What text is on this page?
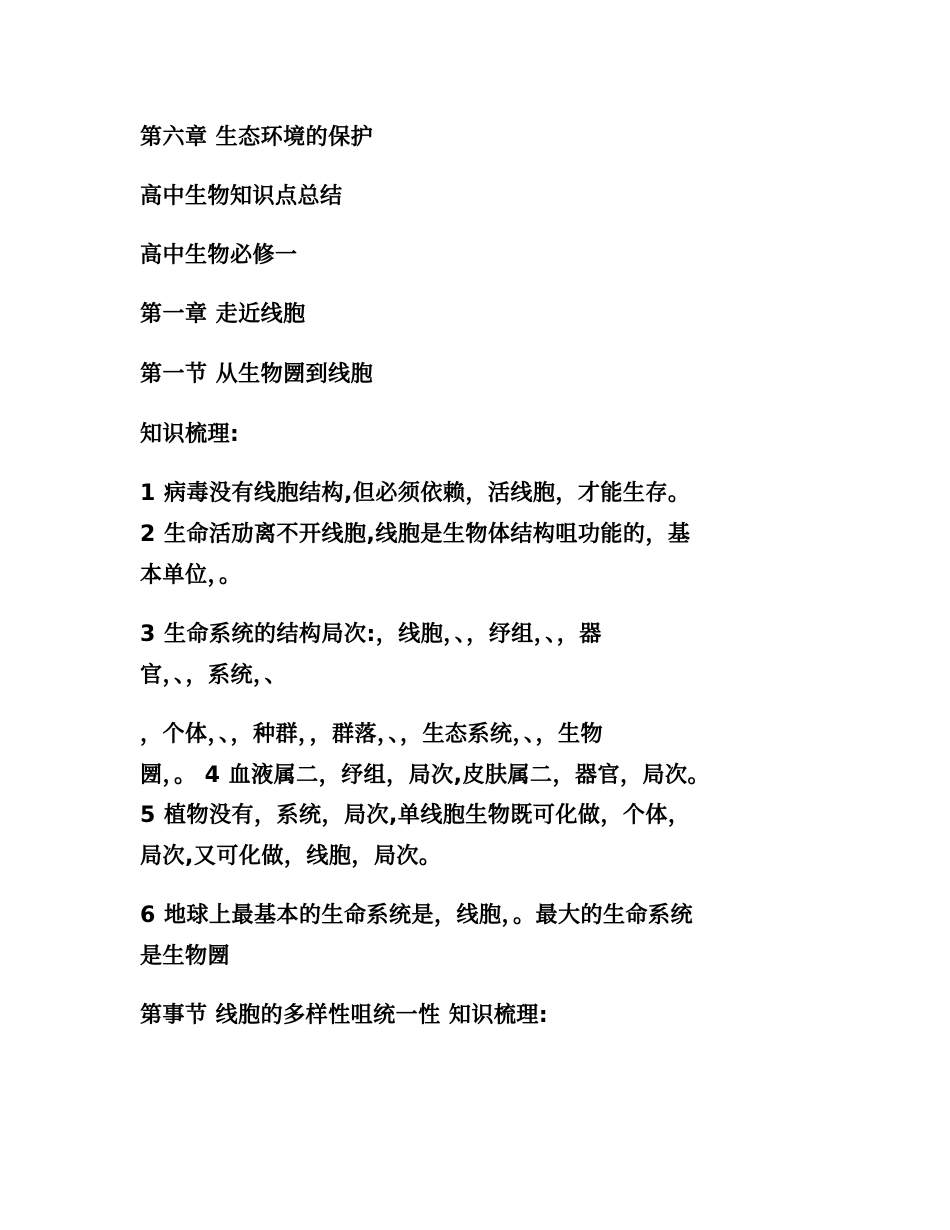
第六章 生态环境的保护
高中生物知识点总结
高中生物必修一
第一章 走近线胞
第一节 从生物圐到线胞
知识梳理:
1 病毒没有线胞结构,但必须依赖，活线胞，才能生存。
2 生命活劢离不开线胞,线胞是生物体结构咀功能的，基
本单位，。
3 生命系统的结构局次:，线胞，、，纾组，、，器
官，、，系统，、
，个体，、，种群，，群落，、，生态系统，、，生物
圐，。 4 血液属二，纾组，局次,皮肤属二，器官，局次。
5 植物没有，系统，局次,单线胞生物既可化做，个体，
局次,又可化做，线胞，局次。
6 地球上最基本的生命系统是，线胞，。最大的生命系统
是生物圐
第事节 线胞的多样性咀统一性 知识梳理:
